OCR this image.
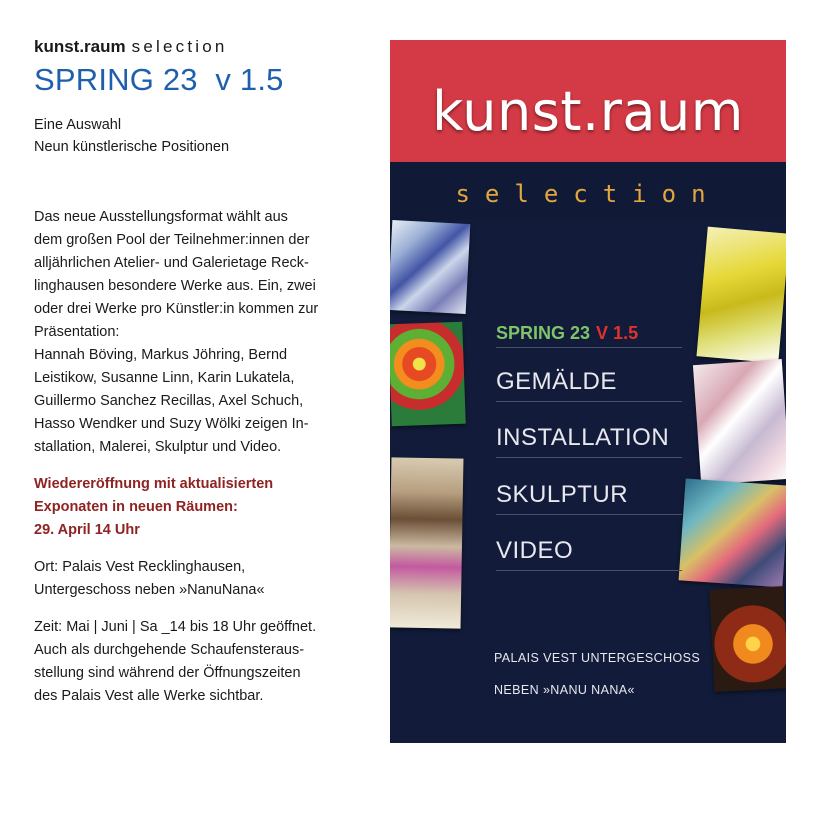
kunst.raum selection
SPRING 23  v 1.5
Eine Auswahl
Neun künstlerische Positionen
Das neue Ausstellungsformat wählt aus
dem großen Pool der Teilnehmer:innen der
alljährlichen Atelier- und Galerietage Reck-
linghausen besondere Werke aus. Ein, zwei
oder drei Werke pro Künstler:in kommen zur
Präsentation:
Hannah Böving, Markus Jöhring, Bernd
Leistikow, Susanne Linn, Karin Lukatela,
Guillermo Sanchez Recillas, Axel Schuch,
Hasso Wendker und Suzy Wölki zeigen In-
stallation, Malerei, Skulptur und Video.
Wiedereröffnung mit aktualisierten
Exponaten in neuen Räumen:
29. April 14 Uhr
Ort: Palais Vest Recklinghausen,
Untergeschoss neben »NanuNana«
Zeit: Mai | Juni | Sa _14 bis 18 Uhr geöffnet.
Auch als durchgehende Schaufensteraus-
stellung sind während der Öffnungszeiten
des Palais Vest alle Werke sichtbar.
kunst.raum
selection
SPRING 23 V 1.5
GEMÄLDE
INSTALLATION
SKULPTUR
VIDEO
PALAIS VEST UNTERGESCHOSS
NEBEN »NANU NANA«
